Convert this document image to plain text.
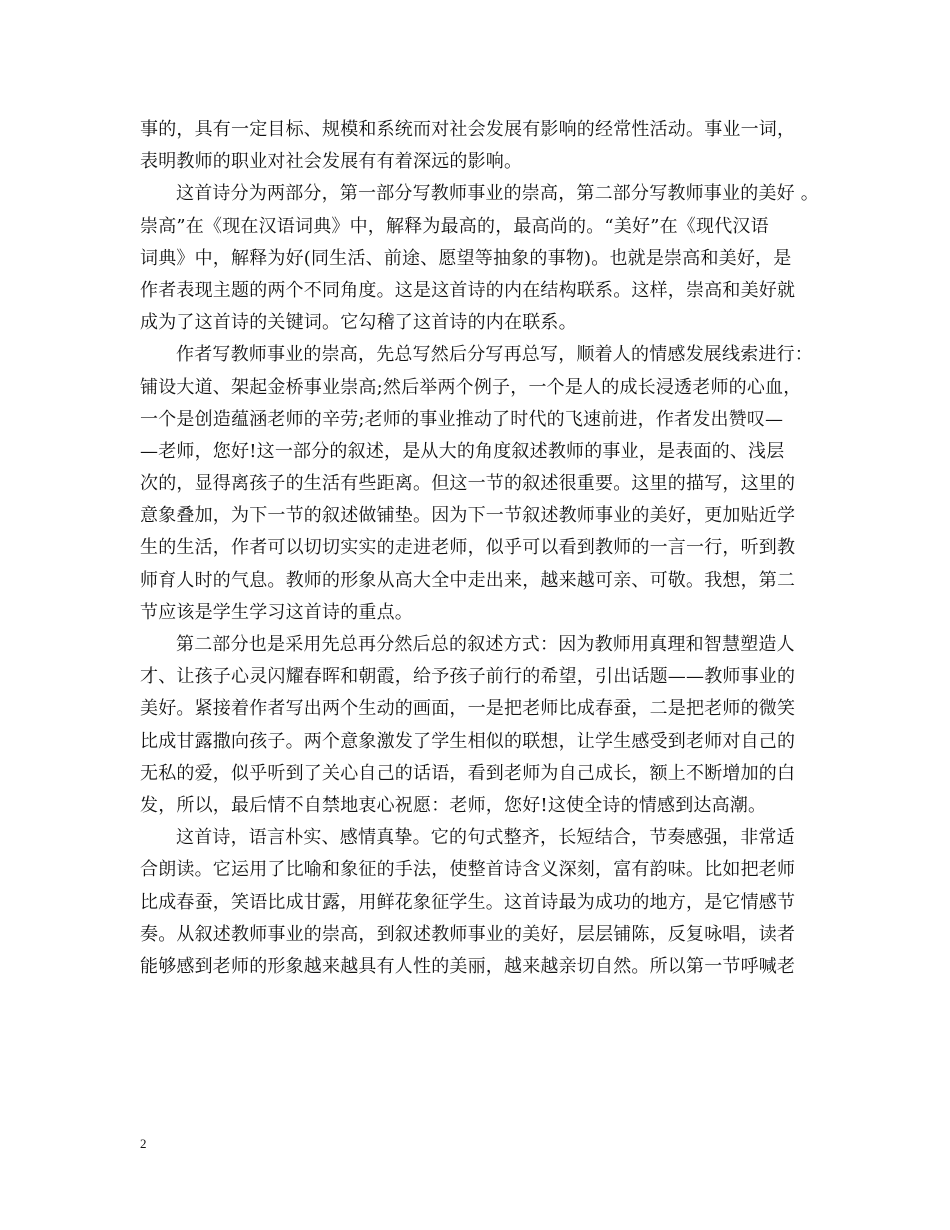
事的，具有一定目标、规模和系统而对社会发展有影响的经常性活动。事业一词，
表明教师的职业对社会发展有有着深远的影响。
这首诗分为两部分，第一部分写教师事业的崇高，第二部分写教师事业的美好 。
崇高”在《现在汉语词典》中，解释为最高的，最高尚的。“美好”在《现代汉语
词典》中，解释为好(同生活、前途、愿望等抽象的事物)。也就是崇高和美好，是
作者表现主题的两个不同角度。这是这首诗的内在结构联系。这样，崇高和美好就
成为了这首诗的关键词。它勾稽了这首诗的内在联系。
作者写教师事业的崇高，先总写然后分写再总写，顺着人的情感发展线索进行：
铺设大道、架起金桥事业崇高;然后举两个例子，一个是人的成长浸透老师的心血，
一个是创造蕴涵老师的辛劳;老师的事业推动了时代的飞速前进，作者发出赞叹—
—老师，您好!这一部分的叙述，是从大的角度叙述教师的事业，是表面的、浅层
次的，显得离孩子的生活有些距离。但这一节的叙述很重要。这里的描写，这里的
意象叠加，为下一节的叙述做铺垫。因为下一节叙述教师事业的美好，更加贴近学
生的生活，作者可以切切实实的走进老师，似乎可以看到教师的一言一行，听到教
师育人时的气息。教师的形象从高大全中走出来，越来越可亲、可敬。我想，第二
节应该是学生学习这首诗的重点。
第二部分也是采用先总再分然后总的叙述方式：因为教师用真理和智慧塑造人
才、让孩子心灵闪耀春晖和朝霞，给予孩子前行的希望，引出话题——教师事业的
美好。紧接着作者写出两个生动的画面，一是把老师比成春蚕，二是把老师的微笑
比成甘露撒向孩子。两个意象激发了学生相似的联想，让学生感受到老师对自己的
无私的爱，似乎听到了关心自己的话语，看到老师为自己成长，额上不断增加的白
发，所以，最后情不自禁地衷心祝愿：老师，您好!这使全诗的情感到达高潮。
这首诗，语言朴实、感情真挚。它的句式整齐，长短结合，节奏感强，非常适
合朗读。它运用了比喻和象征的手法，使整首诗含义深刻，富有韵味。比如把老师
比成春蚕，笑语比成甘露，用鲜花象征学生。这首诗最为成功的地方，是它情感节
奏。从叙述教师事业的崇高，到叙述教师事业的美好，层层铺陈，反复咏唱，读者
能够感到老师的形象越来越具有人性的美丽，越来越亲切自然。所以第一节呼喊老
2
